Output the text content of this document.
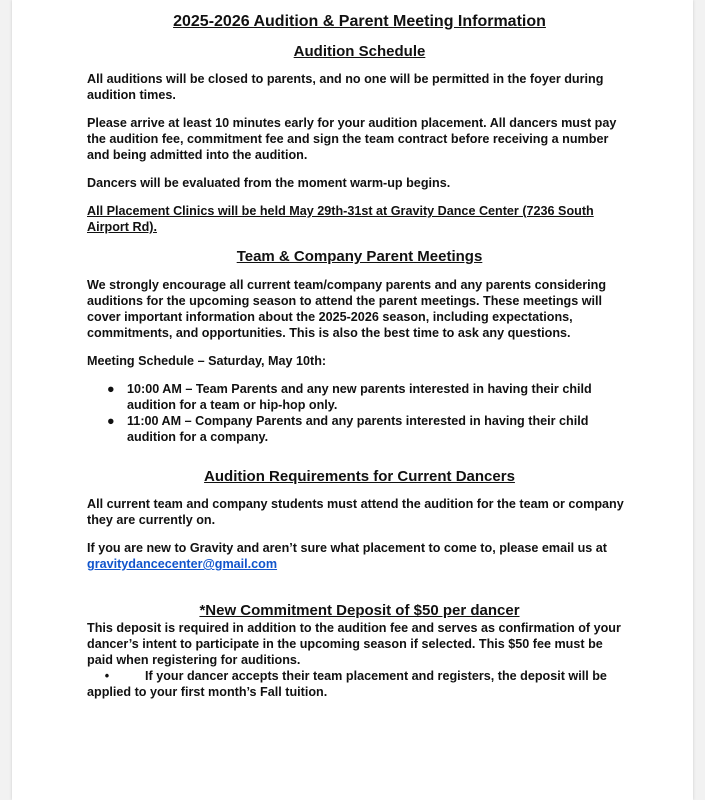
2025-2026 Audition & Parent Meeting Information
Audition Schedule

All auditions will be closed to parents, and no one will be permitted in the foyer during audition times.

Please arrive at least 10 minutes early for your audition placement. All dancers must pay the audition fee, commitment fee and sign the team contract before receiving a number and being admitted into the audition.

Dancers will be evaluated from the moment warm-up begins.

All Placement Clinics will be held May 29th-31st at Gravity Dance Center (7236 South Airport Rd).

Team & Company Parent Meetings

We strongly encourage all current team/company parents and any parents considering auditions for the upcoming season to attend the parent meetings. These meetings will cover important information about the 2025-2026 season, including expectations, commitments, and opportunities. This is also the best time to ask any questions.

Meeting Schedule – Saturday, May 10th:

● 10:00 AM – Team Parents and any new parents interested in having their child audition for a team or hip-hop only.
● 11:00 AM – Company Parents and any parents interested in having their child audition for a company.
Audition Requirements for Current Dancers

All current team and company students must attend the audition for the team or company they are currently on.

If you are new to Gravity and aren’t sure what placement to come to, please email us at
gravitydancecenter@gmail.com

*New Commitment Deposit of $50 per dancer

This deposit is required in addition to the audition fee and serves as confirmation of your dancer’s intent to participate in the upcoming season if selected. This $50 fee must be paid when registering for auditions.

•	If your dancer accepts their team placement and registers, the deposit will be applied to your first month’s Fall tuition.
